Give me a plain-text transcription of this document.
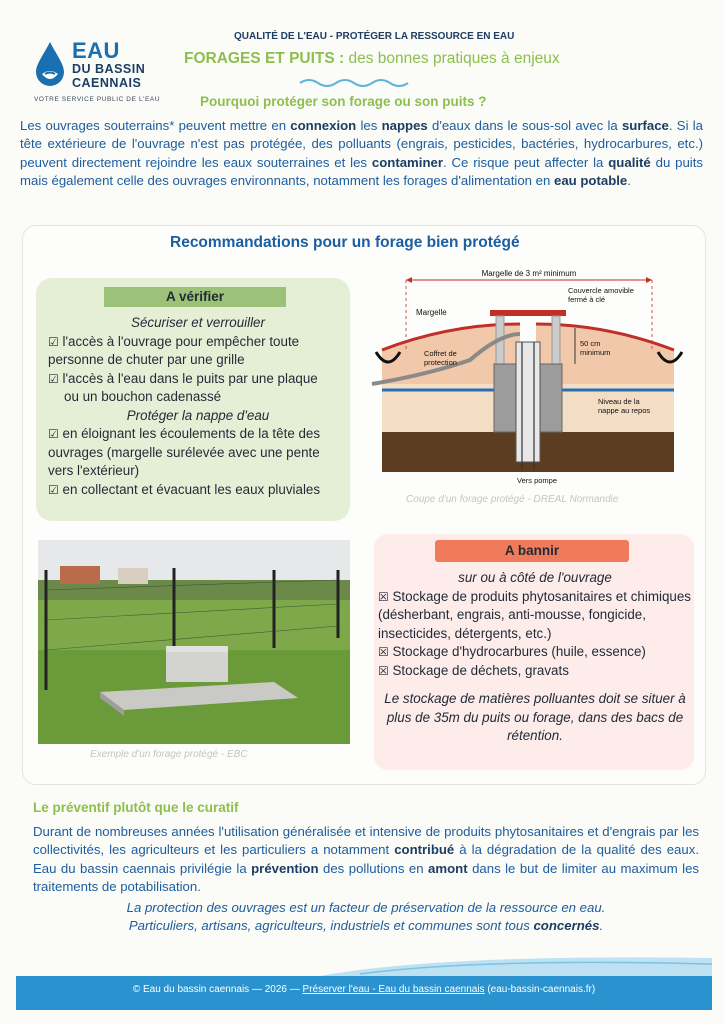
EAU
DU BASSIN
CAENNAIS
VOTRE SERVICE PUBLIC DE L'EAU
QUALITÉ DE L'EAU - PROTÉGER LA RESSOURCE EN EAU
FORAGES ET PUITS : des bonnes pratiques à enjeux
Pourquoi protéger son forage ou son puits ?
Les ouvrages souterrains* peuvent mettre en connexion les nappes d'eaux dans le sous-sol avec la surface. Si la tête extérieure de l'ouvrage n'est pas protégée, des polluants (engrais, pesticides, bactéries, hydrocarbures, etc.) peuvent directement rejoindre les eaux souterraines et les contaminer. Ce risque peut affecter la qualité du puits mais également celle des ouvrages environnants, notamment les forages d'alimentation en eau potable.
Recommandations pour un forage bien protégé
A vérifier
Sécuriser et verrouiller
☑ l'accès à l'ouvrage pour empêcher toute personne de chuter par une grille
☑ l'accès à l'eau dans le puits par une plaque
ou un bouchon cadenassé
Protéger la nappe d'eau
☑ en éloignant les écoulements de la tête des ouvrages (margelle surélevée avec une pente vers l'extérieur)
☑ en collectant et évacuant les eaux pluviales
Margelle de 3 m² minimum
Margelle
Couvercle amovible
fermé à clé
Coffret de
protection
50 cm
minimum
Niveau de la
nappe au repos
Vers pompe
Coupe d'un forage protégé - DREAL Normandie
Exemple d'un forage protégé - EBC
A bannir
sur ou à côté de l'ouvrage
☒ Stockage de produits phytosanitaires et chimiques (désherbant, engrais, anti-mousse, fongicide, insecticides, détergents, etc.)
☒ Stockage d'hydrocarbures (huile, essence)
☒ Stockage de déchets, gravats
Le stockage de matières polluantes doit se situer à plus de 35m du puits ou forage, dans des bacs de rétention.
Le préventif plutôt que le curatif
Durant de nombreuses années l'utilisation généralisée et intensive de produits phytosanitaires et d'engrais par les collectivités, les agriculteurs et les particuliers a notamment contribué à la dégradation de la qualité des eaux. Eau du bassin caennais privilégie la prévention des pollutions en amont dans le but de limiter au maximum les traitements de potabilisation.
La protection des ouvrages est un facteur de préservation de la ressource en eau.
Particuliers, artisans, agriculteurs, industriels et communes sont tous concernés.
© Eau du bassin caennais — 2026 — Préserver l'eau - Eau du bassin caennais (eau-bassin-caennais.fr)
